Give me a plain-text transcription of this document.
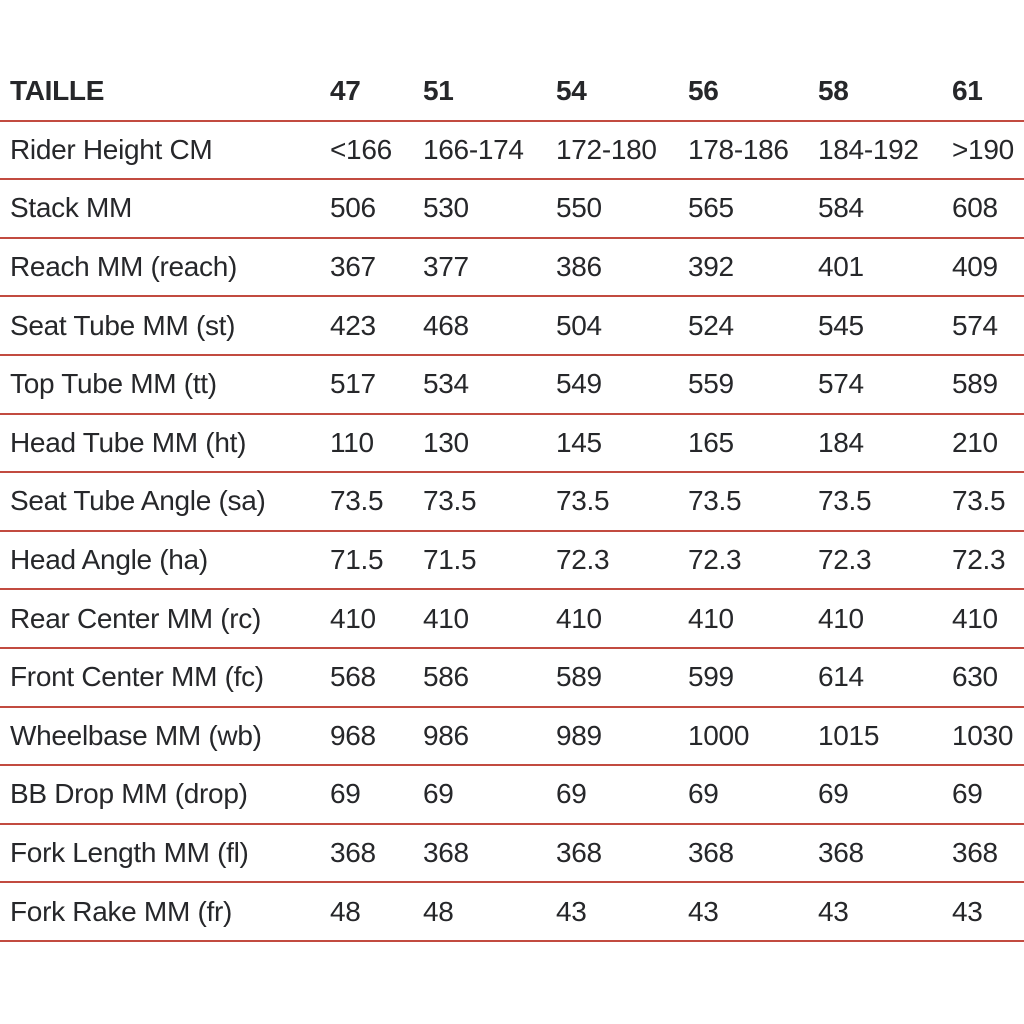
TAILLE	47	51	54	56	58	61
Rider Height CM	<166	166-174	172-180	178-186	184-192	>190
Stack MM	506	530	550	565	584	608
Reach MM (reach)	367	377	386	392	401	409
Seat Tube MM (st)	423	468	504	524	545	574
Top Tube MM (tt)	517	534	549	559	574	589
Head Tube MM (ht)	110	130	145	165	184	210
Seat Tube Angle (sa)	73.5	73.5	73.5	73.5	73.5	73.5
Head Angle (ha)	71.5	71.5	72.3	72.3	72.3	72.3
Rear Center MM (rc)	410	410	410	410	410	410
Front Center MM (fc)	568	586	589	599	614	630
Wheelbase MM (wb)	968	986	989	1000	1015	1030
BB Drop MM (drop)	69	69	69	69	69	69
Fork Length MM (fl)	368	368	368	368	368	368
Fork Rake MM (fr)	48	48	43	43	43	43
